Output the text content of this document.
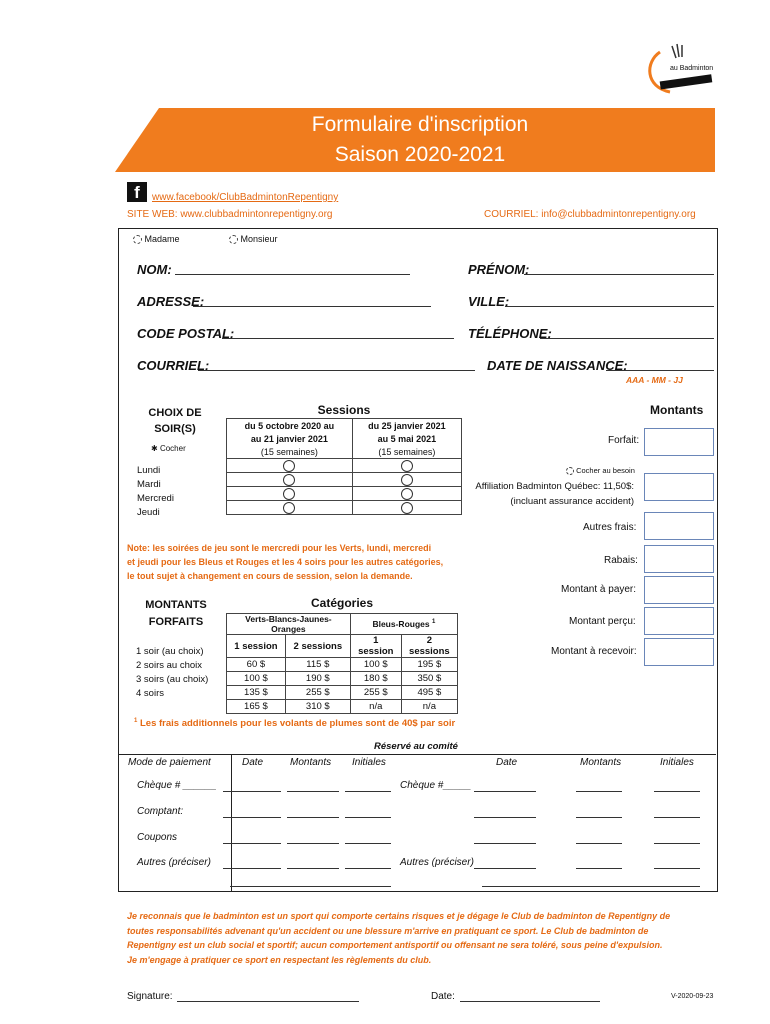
au Badminton
Formulaire d'inscription
Saison 2020-2021
f	www.facebook/ClubBadmintonRepentigny
SITE WEB: www.clubbadmintonrepentigny.org	COURRIEL: info@clubbadmintonrepentigny.org
Madame	Monsieur
NOM:	PRÉNOM:
ADRESSE:	VILLE:
CODE POSTAL:	TÉLÉPHONE:
COURRIEL:	DATE DE NAISSANCE:
AAA - MM - JJ
CHOIX DE
SOIR(S)
✱ Cocher
Lundi
Mardi
Mercredi
Jeudi
Sessions
du 5 octobre 2020 au	du 25 janvier 2021
au 21 janvier 2021	au 5 mai 2021
(15 semaines)	(15 semaines)

Note: les soirées de jeu sont le mercredi pour les Verts, lundi, mercredi
et jeudi pour les Bleus et Rouges et les 4 soirs pour les autres catégories,
le tout sujet à changement en cours de session, selon la demande.
Montants
Forfait:
Cocher au besoin
Affiliation Badminton Québec: 11,50$:
(incluant assurance accident)
Autres frais:
Rabais:
Montant à payer:
Montant perçu:
Montant à recevoir:
MONTANTS
FORFAITS
Catégories
1 soir (au choix)
2 soirs au choix
3 soirs (au choix)
4 soirs
Verts-Blancs-Jaunes-Oranges		Bleus-Rouges $^1$
1 session	2 sessions	1 session	2 sessions
60 $	115 $	100 $	195 $
100 $	190 $	180 $	350 $
135 $	255 $	255 $	495 $
165 $	310 $	n/a	n/a
$^1$ Les frais additionnels pour les volants de plumes sont de 40$ par soir
Réservé au comité
Mode de paiement	Date	Montants Initiales	Date	Montants	Initiales
Chèque # ______
Comptant:
Coupons
Autres (préciser)
Chèque #_____
Autres (préciser)
Je reconnais que le badminton est un sport qui comporte certains risques et je dégage le Club de badminton de Repentigny de
toutes responsabilités advenant qu'un accident ou une blessure m'arrive en pratiquant ce sport. Le Club de badminton de
Repentigny est un club social et sportif; aucun comportement antisportif ou offensant ne sera toléré, sous peine d'expulsion.
Je m'engage à pratiquer ce sport en respectant les règlements du club.
Signature:	Date:	V-2020-09-23
